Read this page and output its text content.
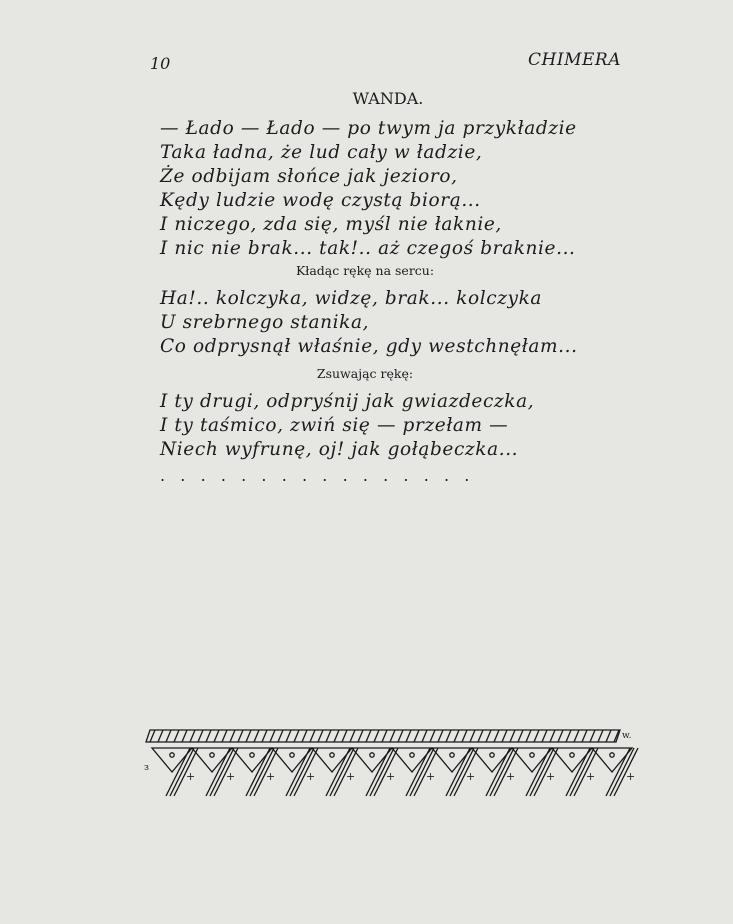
10	CHIMERA
WANDA.
— Łado — Łado — po twym ja przykładzie
Taka ładna, że lud cały w ładzie,
Że odbijam słońce jak jezioro,
Kędy ludzie wodę czystą biorą...
I niczego, zda się, myśl nie łaknie,
I nic nie brak... tak!.. aż czegoś braknie...
Kładąc rękę na sercu:
Ha!.. kolczyka, widzę, brak... kolczyka
U srebrnego stanika,
Co odprysnął właśnie, gdy westchnęłam...
Zsuwając rękę:
I ty drugi, odpryśnij jak gwiazdeczka,
I ty taśmico, zwiń się — przełam —
Niech wyfrunę, oj! jak gołąbeczka...
................
+	+	+	+	+	+	+	+	+	+	+	+
w.
з
